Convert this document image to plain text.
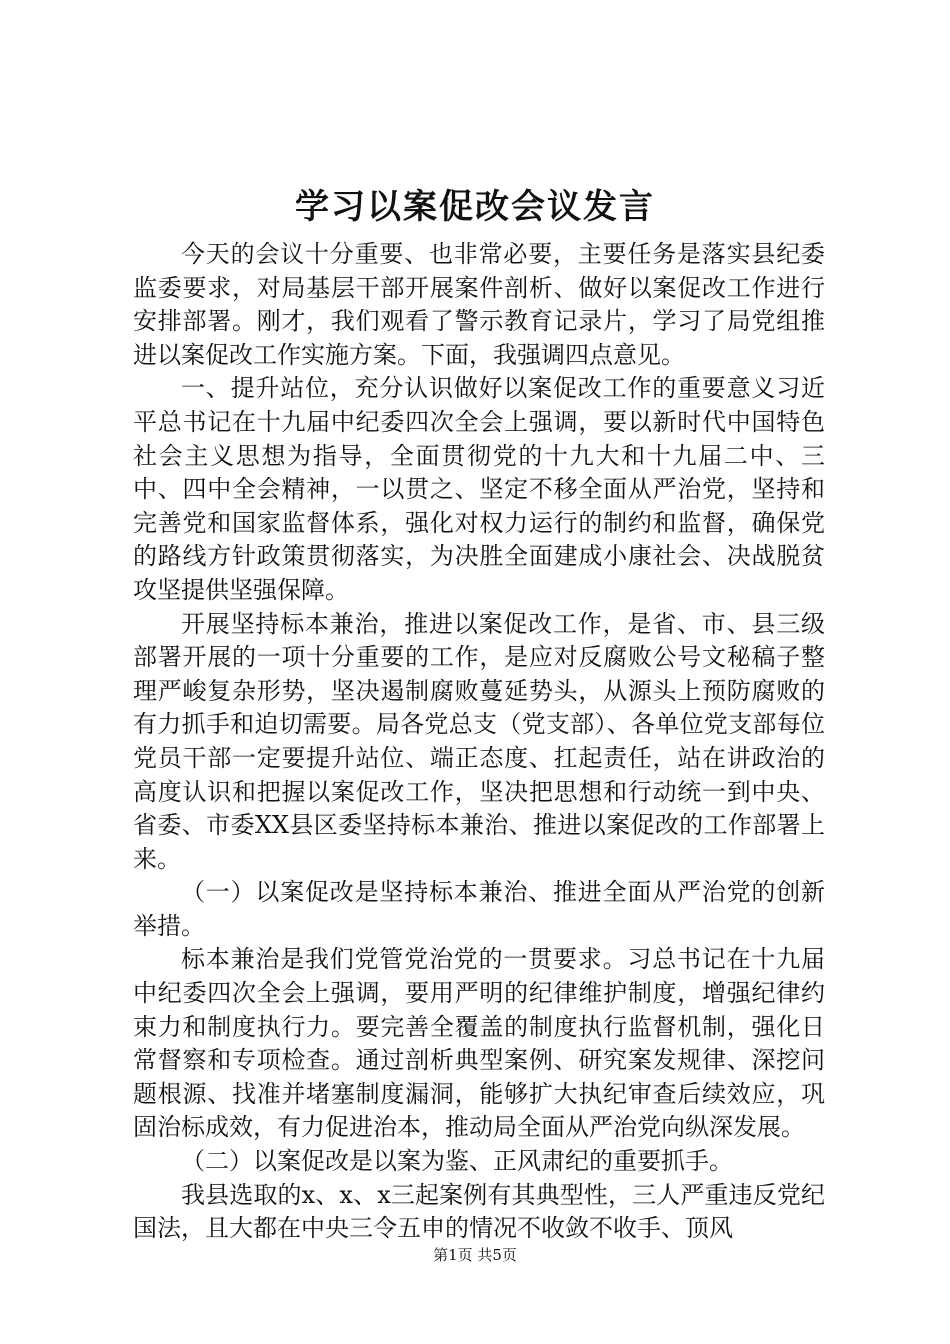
学习以案促改会议发言

今天的会议十分重要、也非常必要，主要任务是落实县纪委监委要求，对局基层干部开展案件剖析、做好以案促改工作进行安排部署。刚才，我们观看了警示教育记录片，学习了局党组推进以案促改工作实施方案。下面，我强调四点意见。

一、提升站位，充分认识做好以案促改工作的重要意义习近平总书记在十九届中纪委四次全会上强调，要以新时代中国特色社会主义思想为指导，全面贯彻党的十九大和十九届二中、三中、四中全会精神，一以贯之、坚定不移全面从严治党，坚持和完善党和国家监督体系，强化对权力运行的制约和监督，确保党的路线方针政策贯彻落实，为决胜全面建成小康社会、决战脱贫攻坚提供坚强保障。

开展坚持标本兼治，推进以案促改工作，是省、市、县三级部署开展的一项十分重要的工作，是应对反腐败公号文秘稿子整理严峻复杂形势，坚决遏制腐败蔓延势头，从源头上预防腐败的有力抓手和迫切需要。局各党总支（党支部）、各单位党支部每位党员干部一定要提升站位、端正态度、扛起责任，站在讲政治的高度认识和把握以案促改工作，坚决把思想和行动统一到中央、省委、市委XX县区委坚持标本兼治、推进以案促改的工作部署上来。

（一）以案促改是坚持标本兼治、推进全面从严治党的创新举措。

标本兼治是我们党管党治党的一贯要求。习总书记在十九届中纪委四次全会上强调，要用严明的纪律维护制度，增强纪律约束力和制度执行力。要完善全覆盖的制度执行监督机制，强化日常督察和专项检查。通过剖析典型案例、研究案发规律、深挖问题根源、找准并堵塞制度漏洞，能够扩大执纪审查后续效应，巩固治标成效，有力促进治本，推动局全面从严治党向纵深发展。

（二）以案促改是以案为鉴、正风肃纪的重要抓手。

我县选取的x、x、x三起案例有其典型性，三人严重违反党纪国法，且大都在中央三令五申的情况不收敛不收手、顶风

第1页 共5页
